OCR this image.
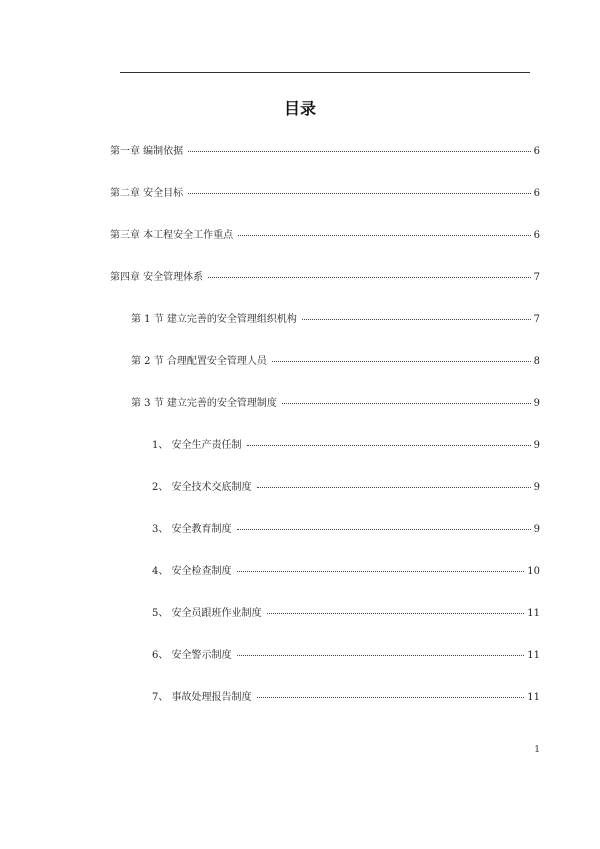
目录
第一章 编制依据	6
第二章 安全目标	6
第三章 本工程安全工作重点	6
第四章 安全管理体系	7
第 1 节 建立完善的安全管理组织机构	7
第 2 节 合理配置安全管理人员	8
第 3 节 建立完善的安全管理制度	9
1、 安全生产责任制	9
2、 安全技术交底制度	9
3、 安全教育制度	9
4、 安全检查制度	10
5、 安全员跟班作业制度	11
6、 安全警示制度	11
7、 事故处理报告制度	11
1
